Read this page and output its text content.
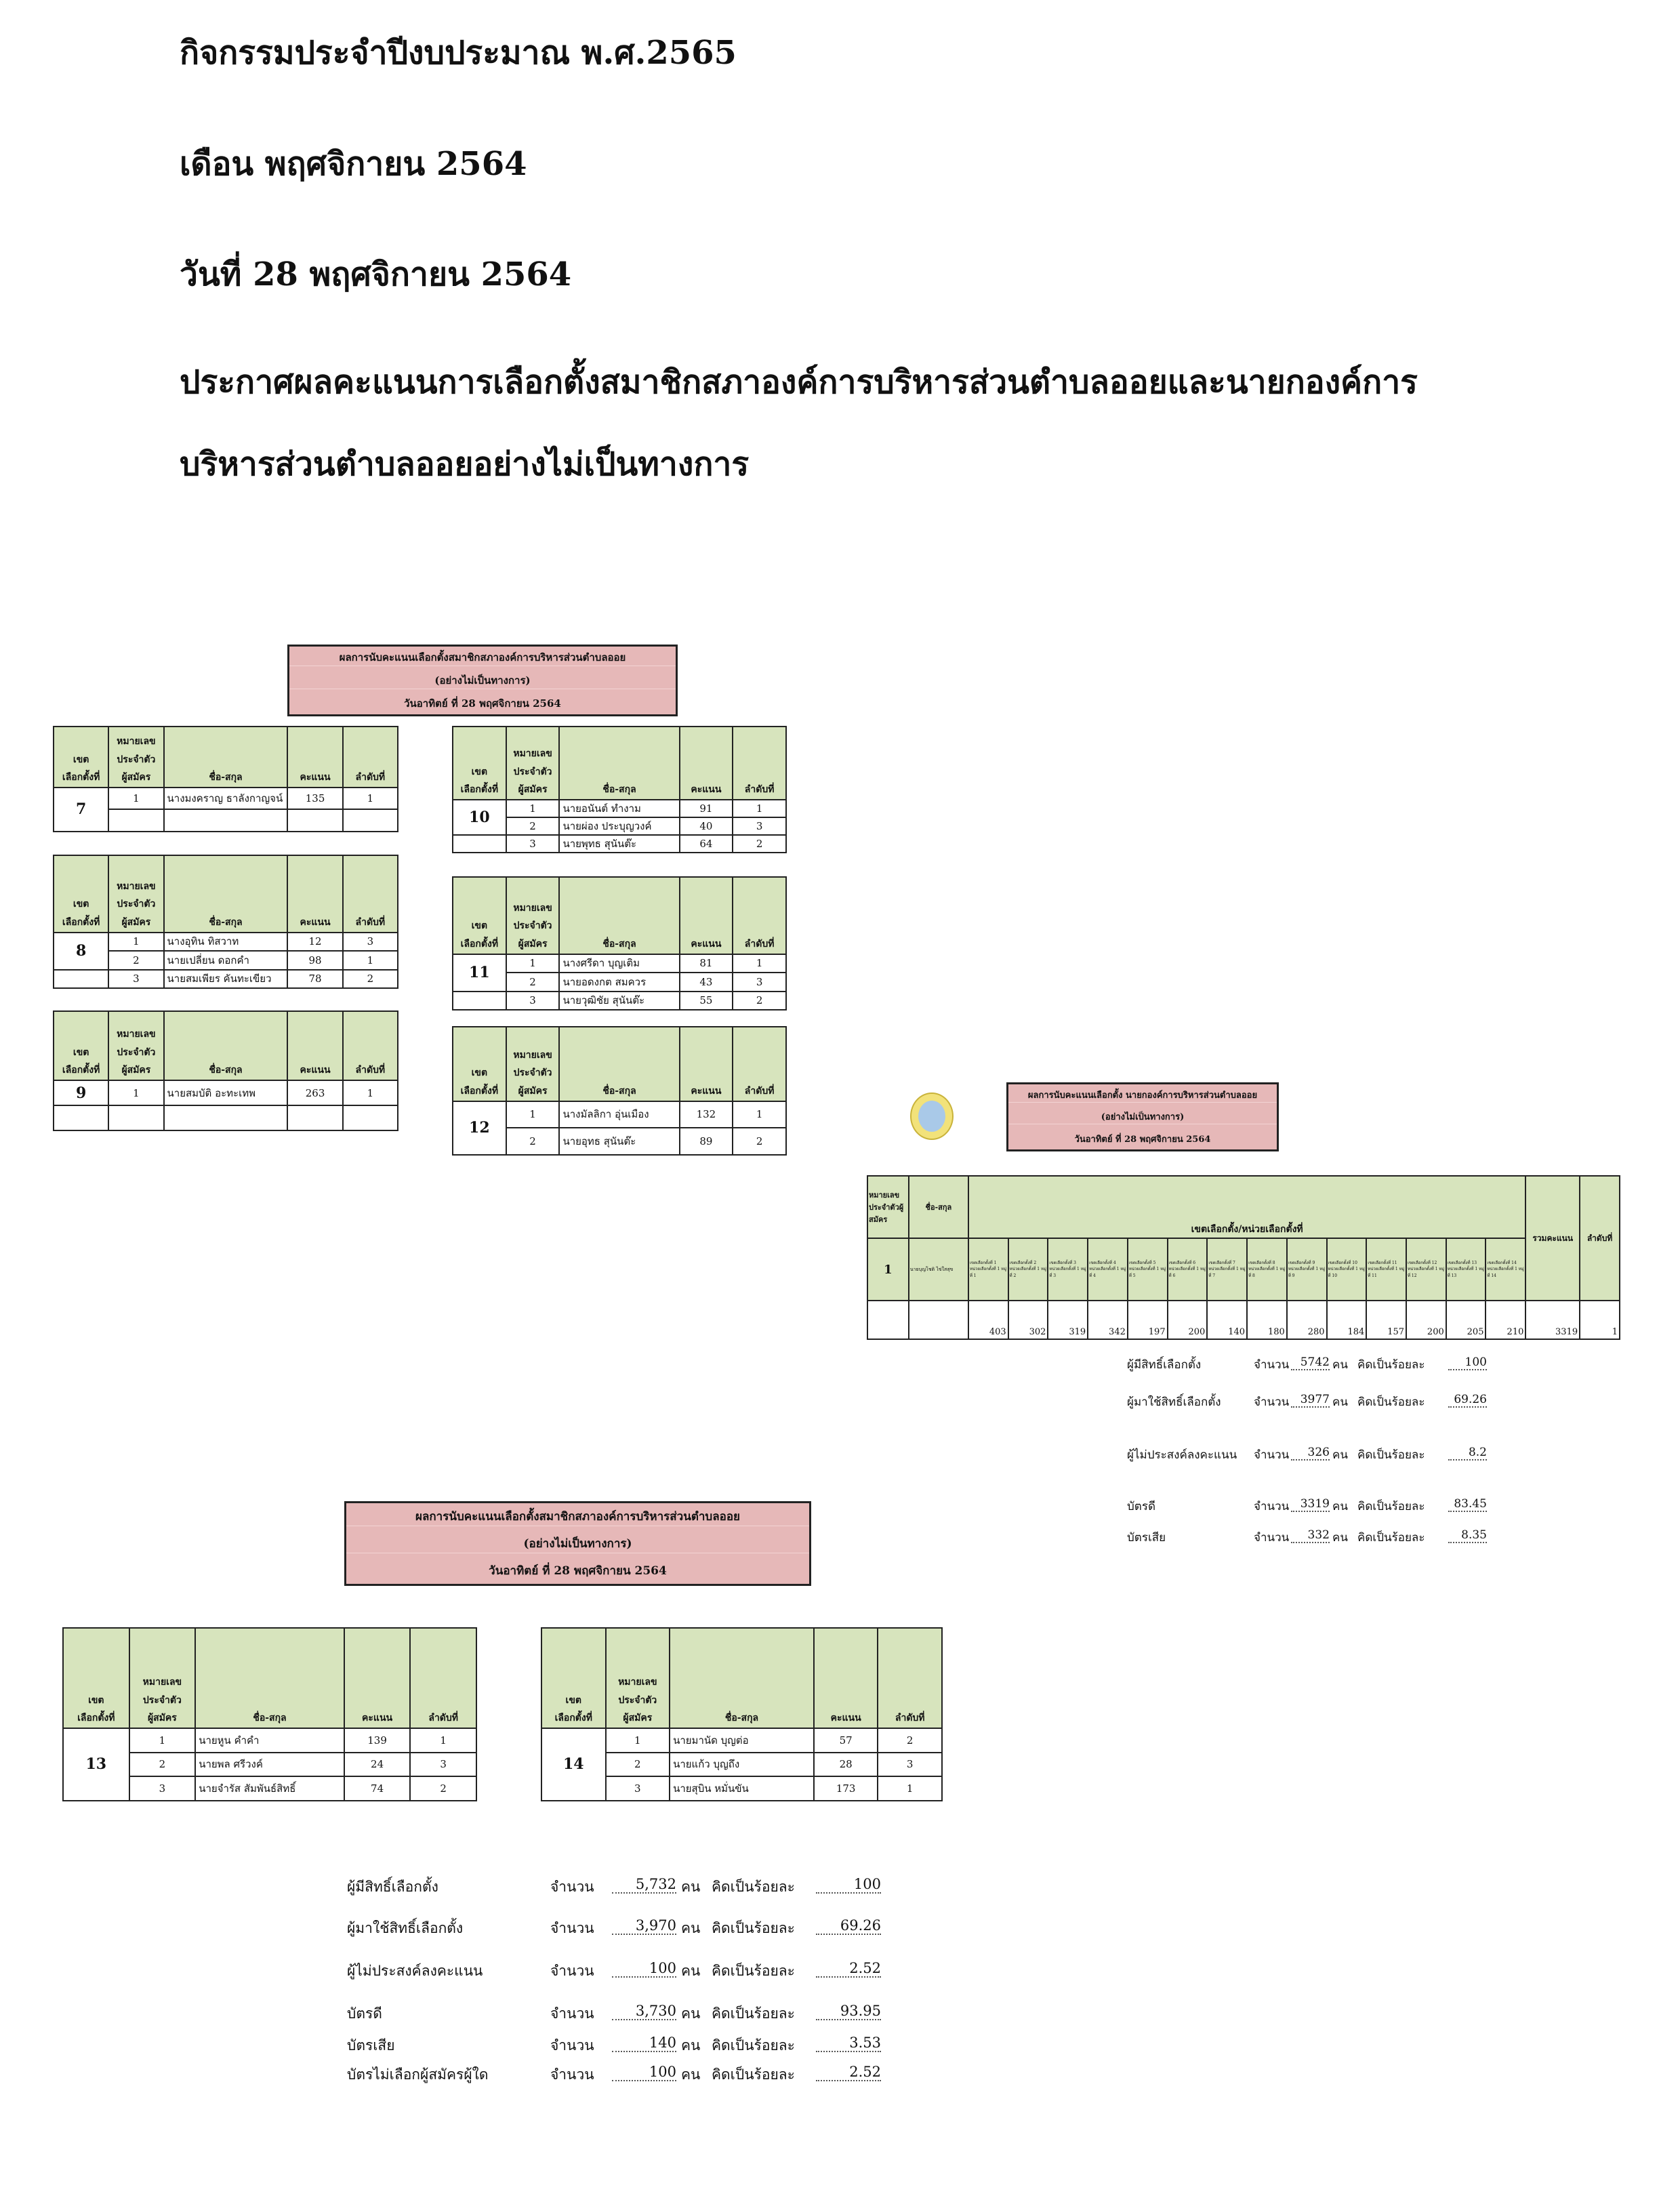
กิจกรรมประจำปีงบประมาณ พ.ศ.2565
เดือน พฤศจิกายน 2564
วันที่ 28 พฤศจิกายน 2564
ประกาศผลคะแนนการเลือกตั้งสมาชิกสภาองค์การบริหารส่วนตำบลออยและนายกองค์การ
บริหารส่วนตำบลออยอย่างไม่เป็นทางการ
ผลการนับคะแนนเลือกตั้งสมาชิกสภาองค์การบริหารส่วนตำบลออย
(อย่างไม่เป็นทางการ)
วันอาทิตย์ ที่ 28 พฤศจิกายน 2564
ผลการนับคะแนนเลือกตั้ง นายกองค์การบริหารส่วนตำบลออย
(อย่างไม่เป็นทางการ)
วันอาทิตย์ ที่ 28 พฤศจิกายน 2564
ผลการนับคะแนนเลือกตั้งสมาชิกสภาองค์การบริหารส่วนตำบลออย
(อย่างไม่เป็นทางการ)
วันอาทิตย์ ที่ 28 พฤศจิกายน 2564
เขต
เลือกตั้งที่	หมายเลข
ประจำตัว
ผู้สมัคร	ชื่อ-สกุล	คะแนน	ลำดับที่
7	1	นางมงคราญ ธาลังกาญจน์	135	1

เขต
เลือกตั้งที่	หมายเลข
ประจำตัว
ผู้สมัคร	ชื่อ-สกุล	คะแนน	ลำดับที่
10	1	นายอนันต์ ทำงาม	91	1
	2	นายผ่อง ประบุญวงค์	40	3
	3	นายพุทธ สุนันต๊ะ	64	2
เขต
เลือกตั้งที่	หมายเลข
ประจำตัว
ผู้สมัคร	ชื่อ-สกุล	คะแนน	ลำดับที่
8	1	นางอุทิน ทิสวาท	12	3
	2	นายเปลี่ยน ดอกคำ	98	1
	3	นายสมเพียร คันทะเขียว	78	2
เขต
เลือกตั้งที่	หมายเลข
ประจำตัว
ผู้สมัคร	ชื่อ-สกุล	คะแนน	ลำดับที่
11	1	นางศรีดา บุญเติม	81	1
	2	นายอดงกต สมควร	43	3
	3	นายวุฒิชัย สุนันต๊ะ	55	2
เขต
เลือกตั้งที่	หมายเลข
ประจำตัว
ผู้สมัคร	ชื่อ-สกุล	คะแนน	ลำดับที่
9	1	นายสมบัติ อะทะเทพ	263	1

เขต
เลือกตั้งที่	หมายเลข
ประจำตัว
ผู้สมัคร	ชื่อ-สกุล	คะแนน	ลำดับที่
12	1	นางมัลลิกา อุ่นเมือง	132	1
	2	นายอุทธ สุนันต๊ะ	89	2
เขต
เลือกตั้งที่	หมายเลข
ประจำตัว
ผู้สมัคร	ชื่อ-สกุล	คะแนน	ลำดับที่
13	1	นายหูน คำคำ	139	1
	2	นายพล ศรีวงค์	24	3
	3	นายจำรัส สัมพันธ์สิทธิ์	74	2
เขต
เลือกตั้งที่	หมายเลข
ประจำตัว
ผู้สมัคร	ชื่อ-สกุล	คะแนน	ลำดับที่
14	1	นายมานัด บุญต่อ	57	2
	2	นายแก้ว บุญถึง	28	3
	3	นายสุบิน หมั่นขัน	173	1
หมายเลขประจำตัวผู้สมัคร	ชื่อ-สกุล	เขตเลือกตั้ง/หน่วยเลือกตั้งที่														รวมคะแนน	ลำดับที่
1	นายบุญโชติ ไข่ใสสุข	เขตเลือกตั้งที่ 1 หน่วยเลือกตั้งที่ 1 หมู่ที่ 1	เขตเลือกตั้งที่ 2 หน่วยเลือกตั้งที่ 1 หมู่ที่ 2	เขตเลือกตั้งที่ 3 หน่วยเลือกตั้งที่ 1 หมู่ที่ 3	เขตเลือกตั้งที่ 4 หน่วยเลือกตั้งที่ 1 หมู่ที่ 4	เขตเลือกตั้งที่ 5 หน่วยเลือกตั้งที่ 1 หมู่ที่ 5	เขตเลือกตั้งที่ 6 หน่วยเลือกตั้งที่ 1 หมู่ที่ 6	เขตเลือกตั้งที่ 7 หน่วยเลือกตั้งที่ 1 หมู่ที่ 7	เขตเลือกตั้งที่ 8 หน่วยเลือกตั้งที่ 1 หมู่ที่ 8	เขตเลือกตั้งที่ 9 หน่วยเลือกตั้งที่ 1 หมู่ที่ 9	เขตเลือกตั้งที่ 10 หน่วยเลือกตั้งที่ 1 หมู่ที่ 10	เขตเลือกตั้งที่ 11 หน่วยเลือกตั้งที่ 1 หมู่ที่ 11	เขตเลือกตั้งที่ 12 หน่วยเลือกตั้งที่ 1 หมู่ที่ 12	เขตเลือกตั้งที่ 13 หน่วยเลือกตั้งที่ 1 หมู่ที่ 13	เขตเลือกตั้งที่ 14 หน่วยเลือกตั้งที่ 1 หมู่ที่ 14		
		403	302	319	342	197	200	140	180	280	184	157	200	205	210	3319	1
ผู้มีสิทธิ์เลือกตั้ง	จำนวน 5742 คน คิดเป็นร้อยละ	100
ผู้มาใช้สิทธิ์เลือกตั้ง	จำนวน 3977 คน คิดเป็นร้อยละ	69.26
ผู้ไม่ประสงค์ลงคะแนน จำนวน	326 คน คิดเป็นร้อยละ	8.2
บัตรดี	จำนวน 3319 คน คิดเป็นร้อยละ	83.45
บัตรเสีย	จำนวน	332 คน คิดเป็นร้อยละ	8.35
ผู้มีสิทธิ์เลือกตั้ง	จำนวน	5,732 คน คิดเป็นร้อยละ	100
ผู้มาใช้สิทธิ์เลือกตั้ง	จำนวน	3,970 คน คิดเป็นร้อยละ	69.26
ผู้ไม่ประสงค์ลงคะแนน	จำนวน	100 คน คิดเป็นร้อยละ	2.52
บัตรดี	จำนวน	3,730 คน คิดเป็นร้อยละ	93.95
บัตรเสีย	จำนวน	140 คน คิดเป็นร้อยละ	3.53
บัตรไม่เลือกผู้สมัครผู้ใด	จำนวน	100 คน คิดเป็นร้อยละ	2.52
